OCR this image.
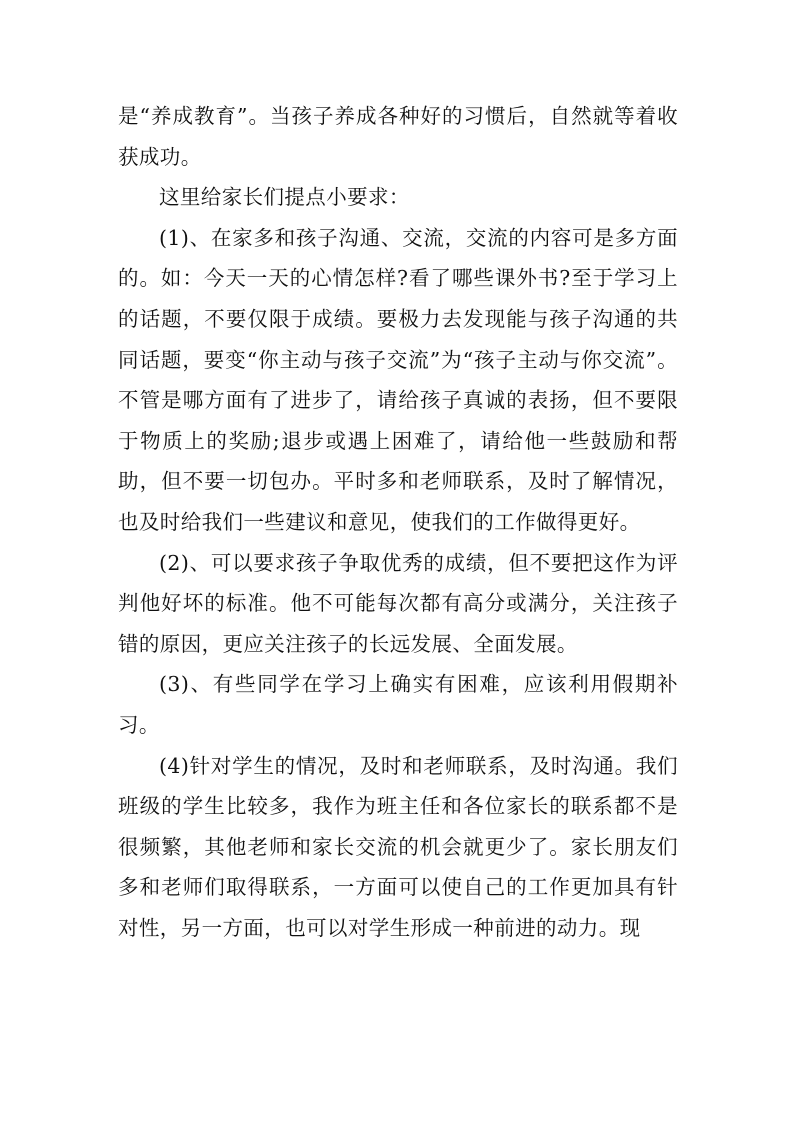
是“养成教育”。当孩子养成各种好的习惯后，自然就等着收获成功。

这里给家长们提点小要求：

(1)、在家多和孩子沟通、交流，交流的内容可是多方面的。如：今天一天的心情怎样?看了哪些课外书?至于学习上的话题，不要仅限于成绩。要极力去发现能与孩子沟通的共同话题，要变“你主动与孩子交流”为“孩子主动与你交流”。不管是哪方面有了进步了，请给孩子真诚的表扬，但不要限于物质上的奖励;退步或遇上困难了，请给他一些鼓励和帮助，但不要一切包办。平时多和老师联系，及时了解情况，也及时给我们一些建议和意见，使我们的工作做得更好。

(2)、可以要求孩子争取优秀的成绩，但不要把这作为评判他好坏的标准。他不可能每次都有高分或满分，关注孩子错的原因，更应关注孩子的长远发展、全面发展。

(3)、有些同学在学习上确实有困难，应该利用假期补习。

(4)针对学生的情况，及时和老师联系，及时沟通。我们班级的学生比较多，我作为班主任和各位家长的联系都不是很频繁，其他老师和家长交流的机会就更少了。家长朋友们多和老师们取得联系，一方面可以使自己的工作更加具有针对性，另一方面，也可以对学生形成一种前进的动力。现
